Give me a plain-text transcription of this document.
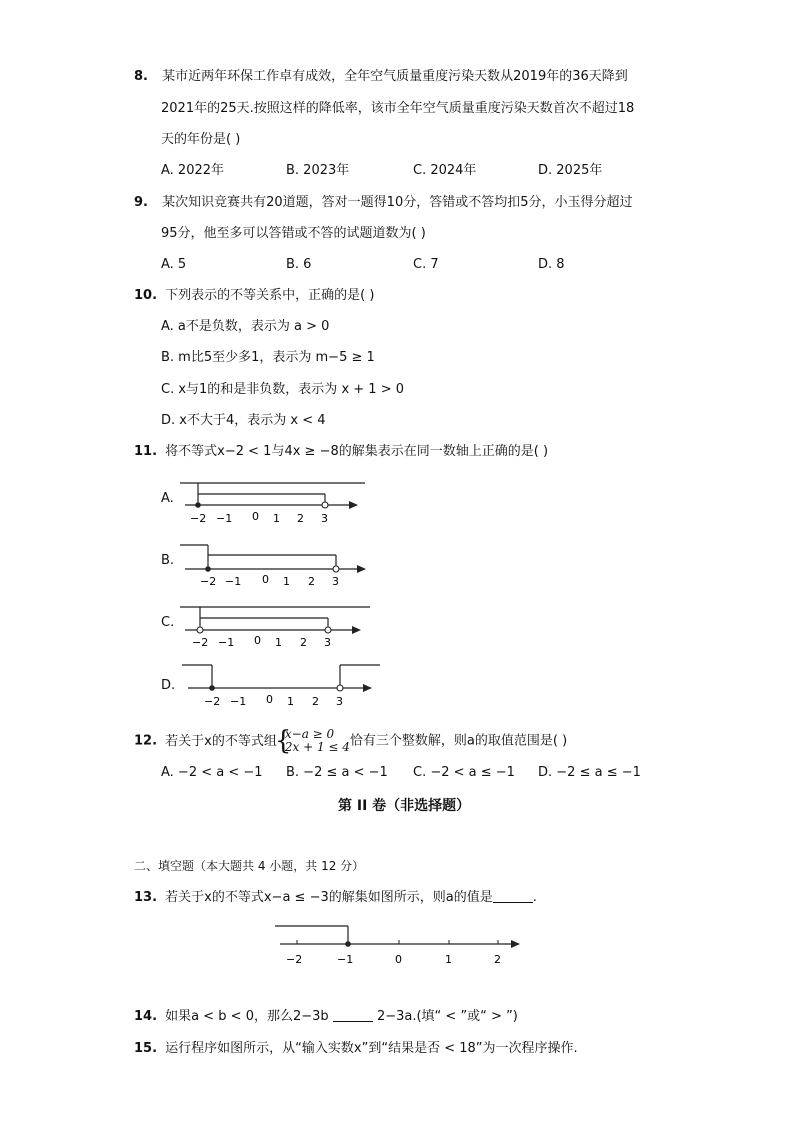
8. 某市近两年环保工作卓有成效，全年空气质量重度污染天数从2019年的36天降到
2021年的25天.按照这样的降低率，该市全年空气质量重度污染天数首次不超过18
天的年份是( )
A. 2022年	B. 2023年	C. 2024年	D. 2025年
9. 某次知识竞赛共有20道题，答对一题得10分，答错或不答均扣5分，小玉得分超过
95分，他至多可以答错或不答的试题道数为( )
A. 5	B. 6	C. 7	D. 8
10. 下列表示的不等关系中，正确的是( )
A. a不是负数，表示为 a > 0
B. m比5至少多1，表示为 m−5 ≥ 1
C. x与1的和是非负数，表示为 x + 1 > 0
D. x不大于4，表示为 x < 4
11. 将不等式x−2 < 1与4x ≥ −8的解集表示在同一数轴上正确的是( )
A.
−2 −1 0 1 2 3
B.
−2 −1 0 1 2 3
C.
−2 −1 0 1 2 3
D.
−2 −1 0 1 2 3
12. 若关于x的不等式组
{ x−a ≥ 0
2x + 1 ≤ 4 恰有三个整数解，则a的取值范围是( )
A. −2 < a < −1 B. −2 ≤ a < −1 C. −2 < a ≤ −1 D. −2 ≤ a ≤ −1
第 II 卷（非选择题）
二、填空题（本大题共 4 小题，共 12 分）
13. 若关于x的不等式x−a ≤ −3的解集如图所示，则a的值是	.
−2	−1	0	1	2
14. 如果a < b < 0，那么2−3b	2−3a.(填“ < ”或“ > ”)
15. 运行程序如图所示，从“输入实数x”到“结果是否 < 18”为一次程序操作.
